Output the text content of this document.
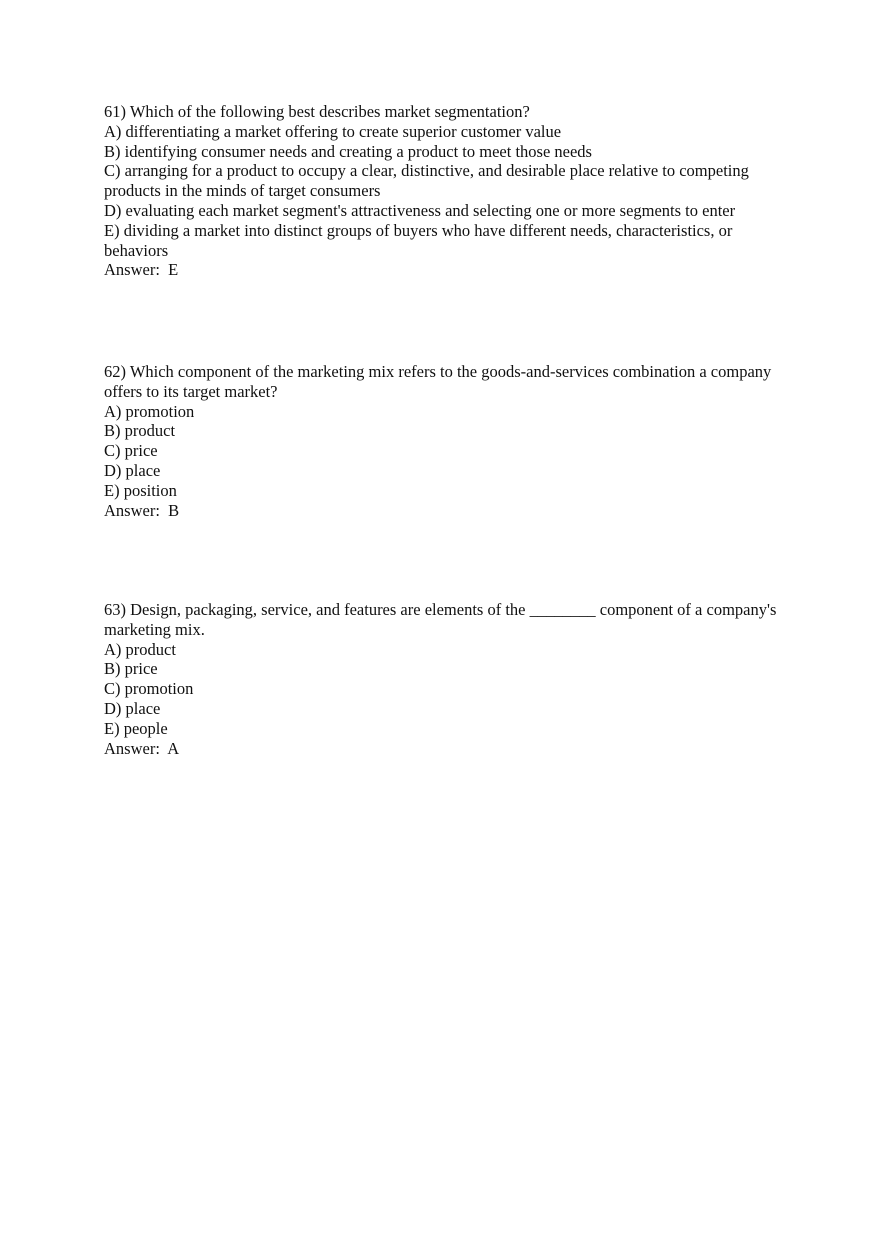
61) Which of the following best describes market segmentation?
A) differentiating a market offering to create superior customer value
B) identifying consumer needs and creating a product to meet those needs
C) arranging for a product to occupy a clear, distinctive, and desirable place relative to competing products in the minds of target consumers
D) evaluating each market segment's attractiveness and selecting one or more segments to enter
E) dividing a market into distinct groups of buyers who have different needs, characteristics, or behaviors
Answer:  E
62) Which component of the marketing mix refers to the goods-and-services combination a company offers to its target market?
A) promotion
B) product
C) price
D) place
E) position
Answer:  B
63) Design, packaging, service, and features are elements of the ________ component of a company's marketing mix.
A) product
B) price
C) promotion
D) place
E) people
Answer:  A
